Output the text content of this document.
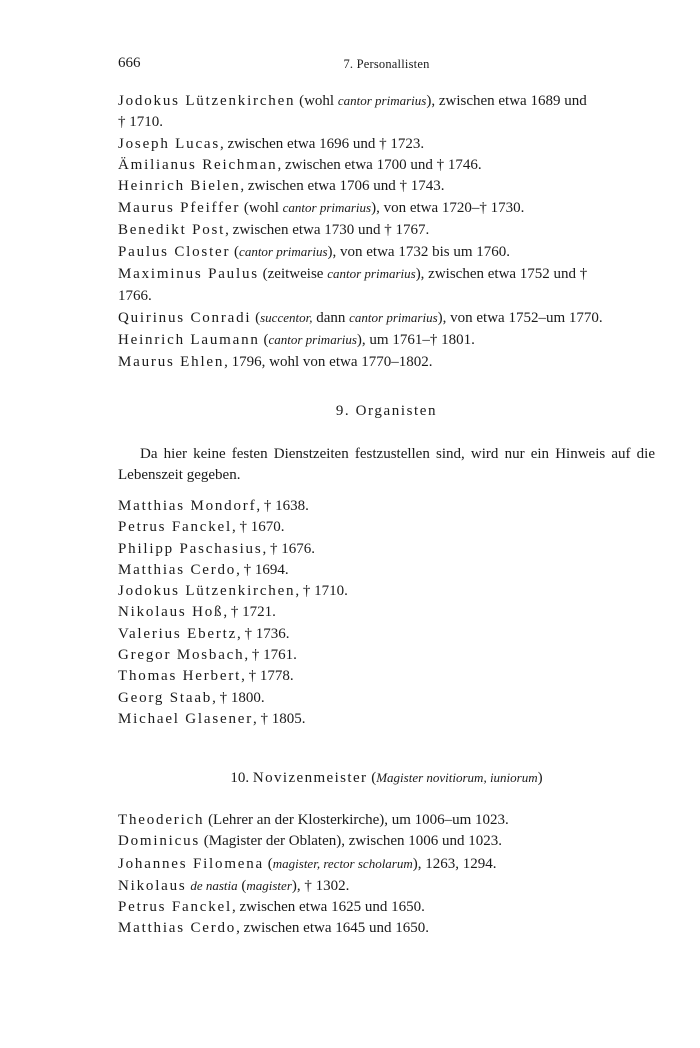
666	7. Personallisten
Jodokus Lützenkirchen (wohl cantor primarius), zwischen etwa 1689 und
† 1710.
Joseph Lucas, zwischen etwa 1696 und † 1723.
Ämilianus Reichman, zwischen etwa 1700 und † 1746.
Heinrich Bielen, zwischen etwa 1706 und † 1743.
Maurus Pfeiffer (wohl cantor primarius), von etwa 1720–† 1730.
Benedikt Post, zwischen etwa 1730 und † 1767.
Paulus Closter (cantor primarius), von etwa 1732 bis um 1760.
Maximinus Paulus (zeitweise cantor primarius), zwischen etwa 1752 und †
1766.
Quirinus Conradi (succentor, dann cantor primarius), von etwa 1752–um 1770.
Heinrich Laumann (cantor primarius), um 1761–† 1801.
Maurus Ehlen, 1796, wohl von etwa 1770–1802.
9. Organisten
Da hier keine festen Dienstzeiten festzustellen sind, wird nur ein Hinweis auf die Lebenszeit gegeben.
Matthias Mondorf, † 1638.
Petrus Fanckel, † 1670.
Philipp Paschasius, † 1676.
Matthias Cerdo, † 1694.
Jodokus Lützenkirchen, † 1710.
Nikolaus Hoß, † 1721.
Valerius Ebertz, † 1736.
Gregor Mosbach, † 1761.
Thomas Herbert, † 1778.
Georg Staab, † 1800.
Michael Glasener, † 1805.
10. Novizenmeister (Magister novitiorum, iuniorum)
Theoderich (Lehrer an der Klosterkirche), um 1006–um 1023.
Dominicus (Magister der Oblaten), zwischen 1006 und 1023.
Johannes Filomena (magister, rector scholarum), 1263, 1294.
Nikolaus de nastia (magister), † 1302.
Petrus Fanckel, zwischen etwa 1625 und 1650.
Matthias Cerdo, zwischen etwa 1645 und 1650.
